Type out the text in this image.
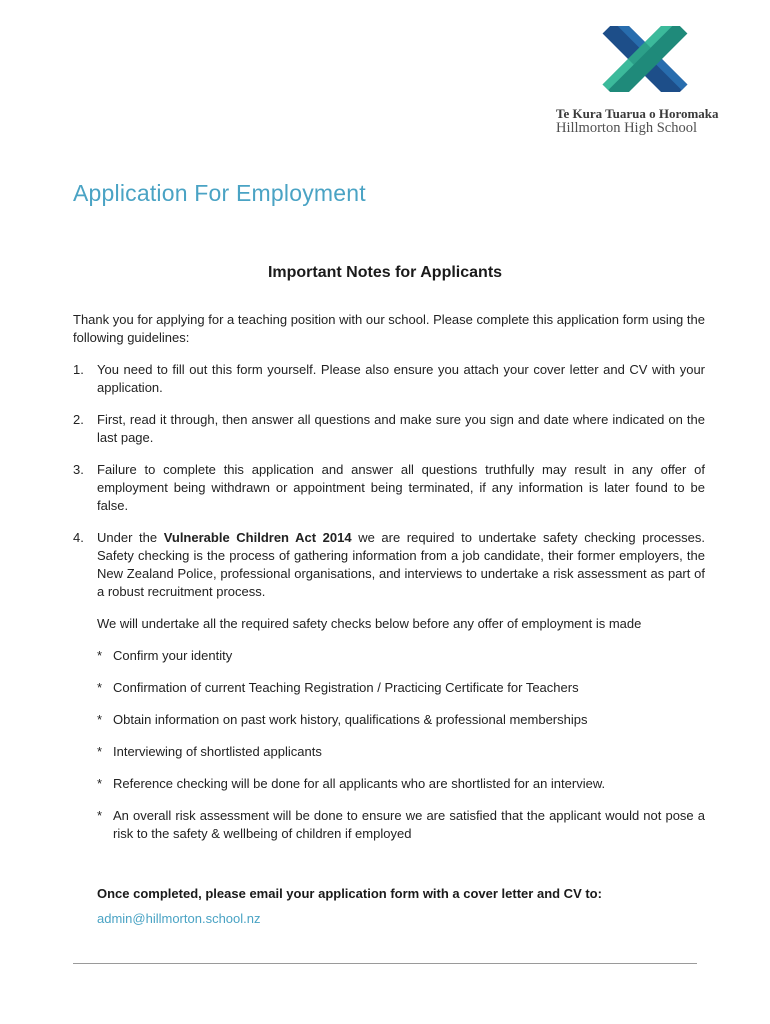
Te Kura Tuarua o Horomaka
Hillmorton High School
Application For Employment
Important Notes for Applicants

Thank you for applying for a teaching position with our school. Please complete this application form using the following guidelines:

1. You need to fill out this form yourself. Please also ensure you attach your cover letter and CV with your application.
2. First, read it through, then answer all questions and make sure you sign and date where indicated on the last page.
3. Failure to complete this application and answer all questions truthfully may result in any offer of employment being withdrawn or appointment being terminated, if any information is later found to be false.
4. Under the Vulnerable Children Act 2014 we are required to undertake safety checking processes. Safety checking is the process of gathering information from a job candidate, their former employers, the New Zealand Police, professional organisations, and interviews to undertake a risk assessment as part of a robust recruitment process.

We will undertake all the required safety checks below before any offer of employment is made

* Confirm your identity
* Confirmation of current Teaching Registration / Practicing Certificate for Teachers
* Obtain information on past work history, qualifications & professional memberships
* Interviewing of shortlisted applicants
* Reference checking will be done for all applicants who are shortlisted for an interview.
* An overall risk assessment will be done to ensure we are satisfied that the applicant would not pose a risk to the safety & wellbeing of children if employed
Once completed, please email your application form with a cover letter and CV to:
admin@hillmorton.school.nz
